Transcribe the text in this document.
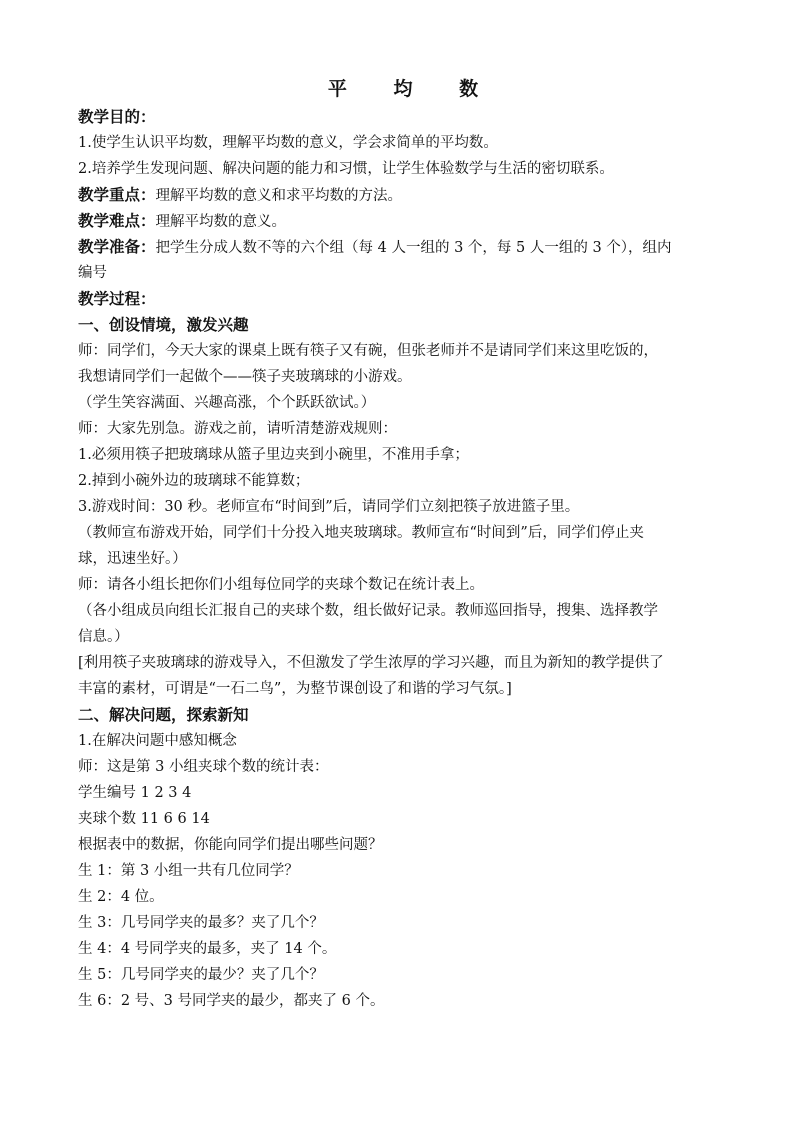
平 均 数
教学目的：
1.使学生认识平均数，理解平均数的意义，学会求简单的平均数。
2.培养学生发现问题、解决问题的能力和习惯，让学生体验数学与生活的密切联系。
教学重点：理解平均数的意义和求平均数的方法。
教学难点：理解平均数的意义。
教学准备：把学生分成人数不等的六个组（每 4 人一组的 3 个，每 5 人一组的 3 个），组内
编号
教学过程：
一、创设情境，激发兴趣
师：同学们，今天大家的课桌上既有筷子又有碗，但张老师并不是请同学们来这里吃饭的，
我想请同学们一起做个——筷子夹玻璃球的小游戏。
（学生笑容满面、兴趣高涨，个个跃跃欲试。）
师：大家先别急。游戏之前，请听清楚游戏规则：
1.必须用筷子把玻璃球从篮子里边夹到小碗里，不准用手拿；
2.掉到小碗外边的玻璃球不能算数；
3.游戏时间：30 秒。老师宣布“时间到”后，请同学们立刻把筷子放进篮子里。
（教师宣布游戏开始，同学们十分投入地夹玻璃球。教师宣布“时间到”后，同学们停止夹
球，迅速坐好。）
师：请各小组长把你们小组每位同学的夹球个数记在统计表上。
（各小组成员向组长汇报自己的夹球个数，组长做好记录。教师巡回指导，搜集、选择教学
信息。）
[利用筷子夹玻璃球的游戏导入，不但激发了学生浓厚的学习兴趣，而且为新知的教学提供了
丰富的素材，可谓是“一石二鸟”，为整节课创设了和谐的学习气氛。]
二、解决问题，探索新知
1.在解决问题中感知概念
师：这是第 3 小组夹球个数的统计表：
学生编号 1 2 3 4
夹球个数 11 6 6 14
根据表中的数据，你能向同学们提出哪些问题？
生 1：第 3 小组一共有几位同学？
生 2：4 位。
生 3：几号同学夹的最多？夹了几个？
生 4：4 号同学夹的最多，夹了 14 个。
生 5：几号同学夹的最少？夹了几个？
生 6：2 号、3 号同学夹的最少，都夹了 6 个。
